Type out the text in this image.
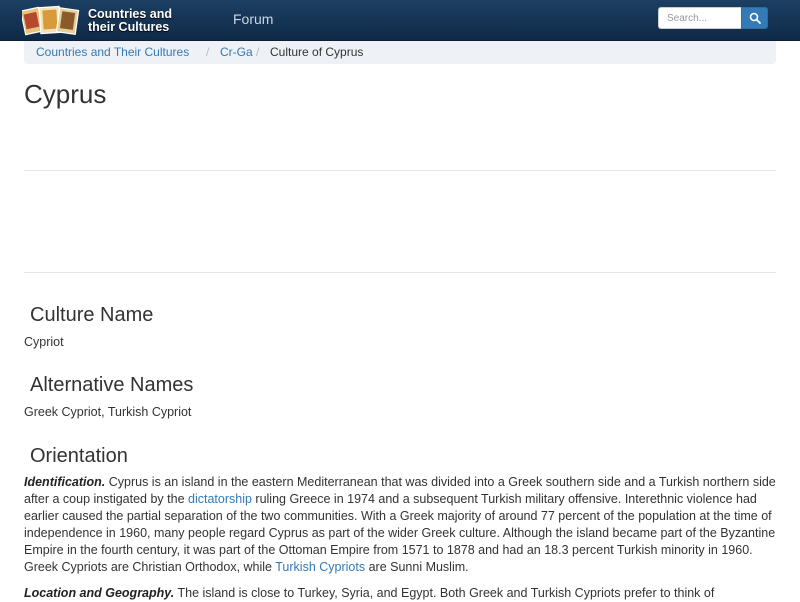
Countries and
their Cultures	Forum
Search...
Countries and Their Cultures / Cr-Ga / Culture of Cyprus
Cyprus
Culture Name

Cypriot

Alternative Names

Greek Cypriot, Turkish Cypriot

Orientation

Identification. Cyprus is an island in the eastern Mediterranean that was divided into a Greek southern side and a Turkish northern side after a coup instigated by the dictatorship ruling Greece in 1974 and a subsequent Turkish military offensive. Interethnic violence had earlier caused the partial separation of the two communities. With a Greek majority of around 77 percent of the population at the time of independence in 1960, many people regard Cyprus as part of the wider Greek culture. Although the island became part of the Byzantine Empire in the fourth century, it was part of the Ottoman Empire from 1571 to 1878 and had an 18.3 percent Turkish minority in 1960. Greek Cypriots are Christian Orthodox, while Turkish Cypriots are Sunni Muslim.

Location and Geography. The island is close to Turkey, Syria, and Egypt. Both Greek and Turkish Cypriots prefer to think of
